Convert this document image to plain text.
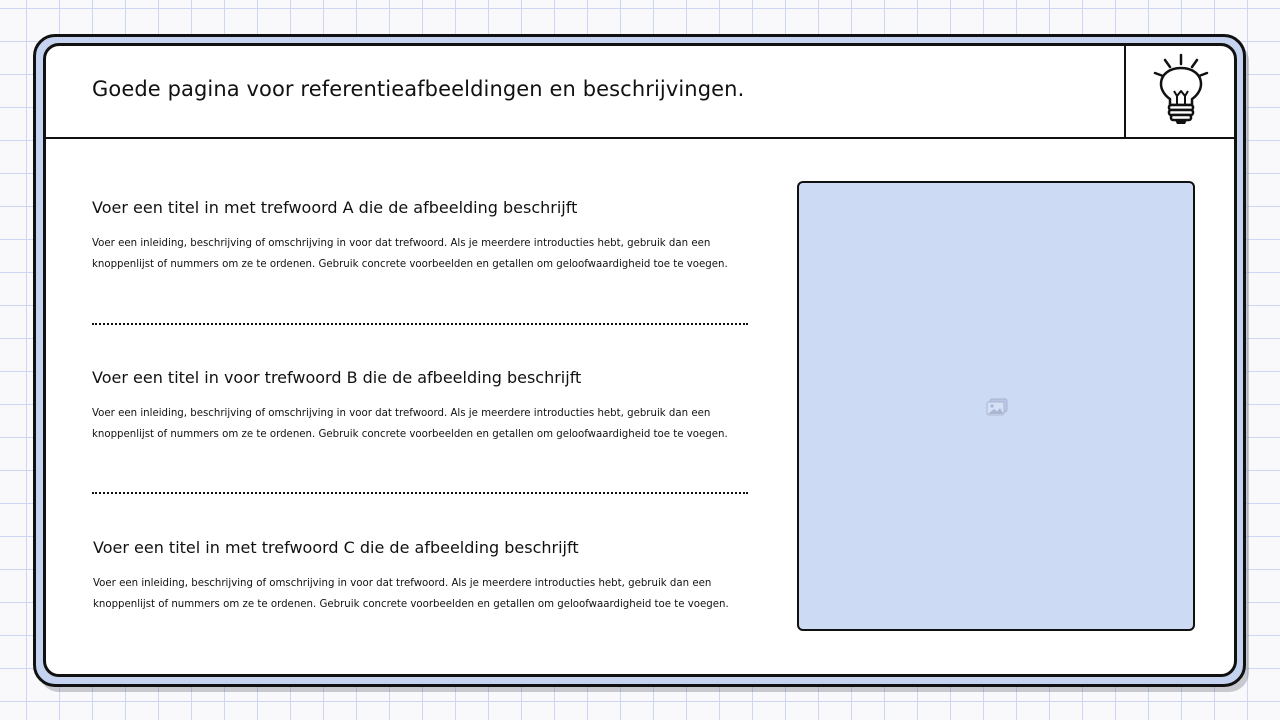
Goede pagina voor referentieafbeeldingen en beschrijvingen.
Voer een titel in met trefwoord A die de afbeelding beschrijft

Voer een inleiding, beschrijving of omschrijving in voor dat trefwoord. Als je meerdere introducties hebt, gebruik dan een knoppenlijst of nummers om ze te ordenen. Gebruik concrete voorbeelden en getallen om geloofwaardigheid toe te voegen.

Voer een titel in voor trefwoord B die de afbeelding beschrijft

Voer een inleiding, beschrijving of omschrijving in voor dat trefwoord. Als je meerdere introducties hebt, gebruik dan een knoppenlijst of nummers om ze te ordenen. Gebruik concrete voorbeelden en getallen om geloofwaardigheid toe te voegen.

Voer een titel in met trefwoord C die de afbeelding beschrijft

Voer een inleiding, beschrijving of omschrijving in voor dat trefwoord. Als je meerdere introducties hebt, gebruik dan een knoppenlijst of nummers om ze te ordenen. Gebruik concrete voorbeelden en getallen om geloofwaardigheid toe te voegen.
